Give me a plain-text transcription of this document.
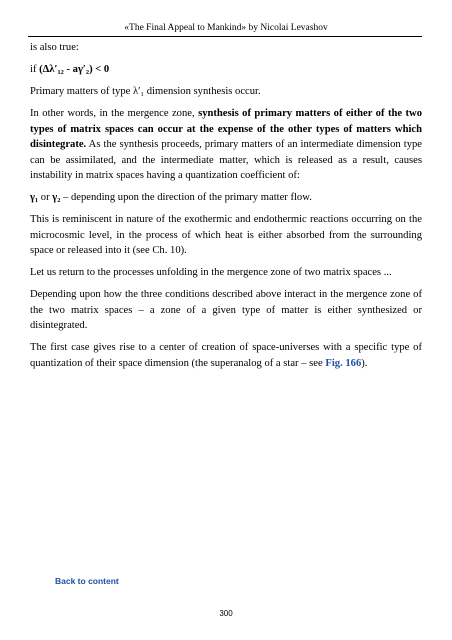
«The Final Appeal to Mankind» by Nicolai Levashov

is also true:

if (Δλ′₁₂ - aγ′₂) < 0

Primary matters of type λ′₁ dimension synthesis occur.

In other words, in the mergence zone, synthesis of primary matters of either of the two types of matrix spaces can occur at the expense of the other types of matters which disintegrate. As the synthesis proceeds, primary matters of an intermediate dimension type can be assimilated, and the intermediate matter, which is released as a result, causes instability in matrix spaces having a quantization coefficient of:

γ₁ or γ₂ – depending upon the direction of the primary matter flow.

This is reminiscent in nature of the exothermic and endothermic reactions occurring on the microcosmic level, in the process of which heat is either absorbed from the surrounding space or released into it (see Ch. 10).

Let us return to the processes unfolding in the mergence zone of two matrix spaces ...

Depending upon how the three conditions described above interact in the mergence zone of the two matrix spaces – a zone of a given type of matter is either synthesized or disintegrated.

The first case gives rise to a center of creation of space-universes with a specific type of quantization of their space dimension (the superanalog of a star – see Fig. 166).

Back to content
300
